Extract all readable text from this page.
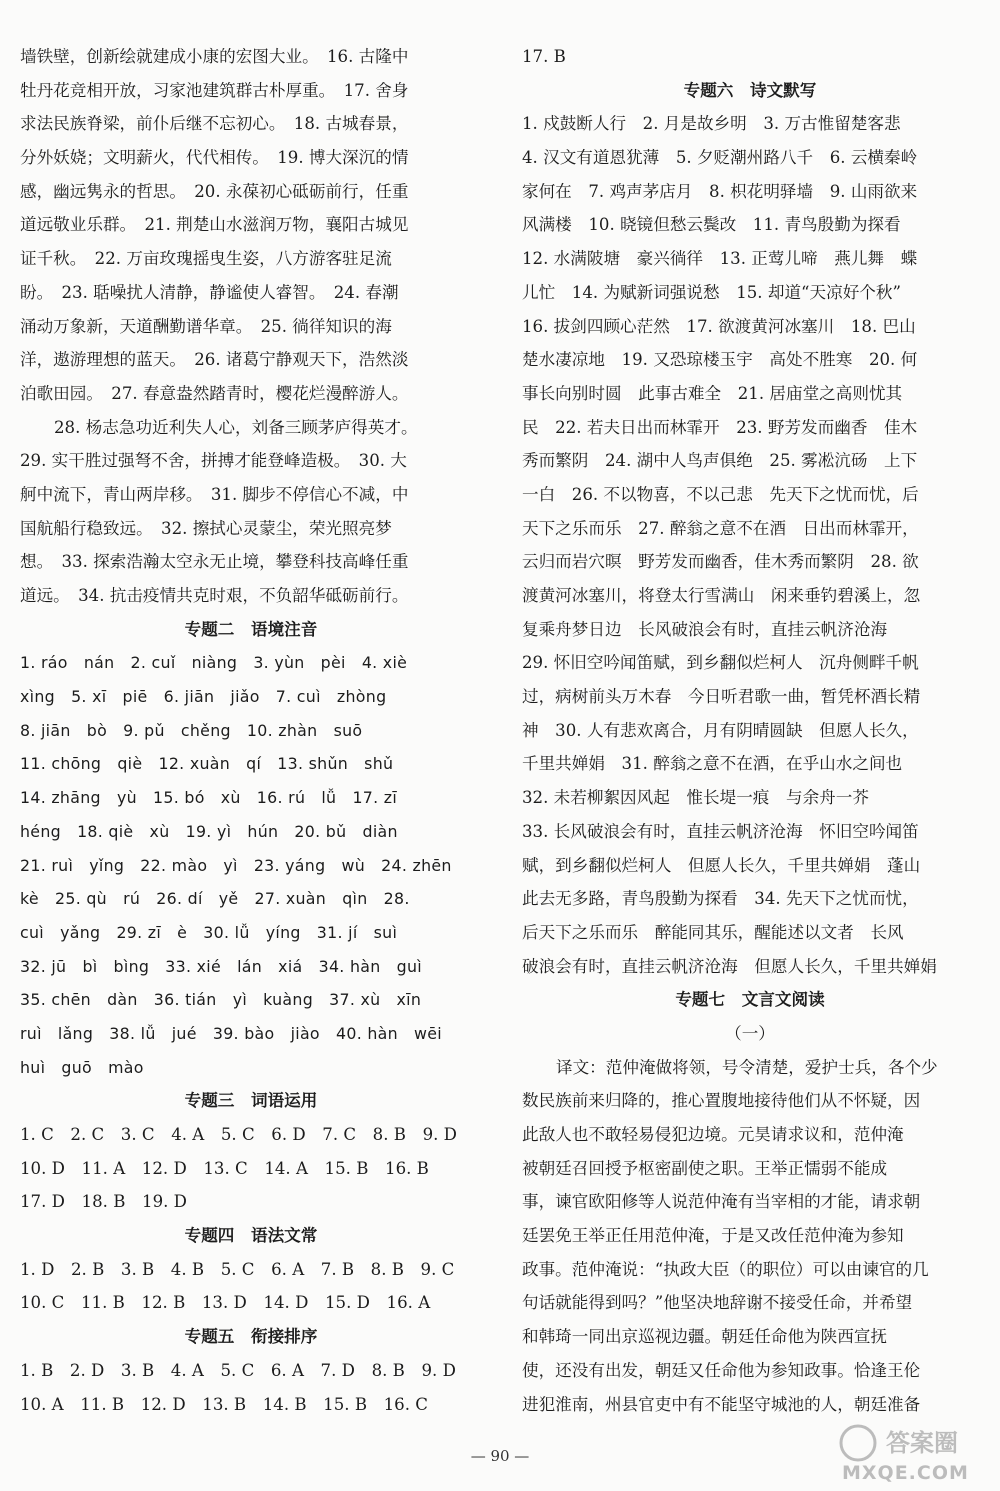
墙铁壁，创新绘就建成小康的宏图大业。　16. 古隆中
牡丹花竞相开放，习家池建筑群古朴厚重。　17. 舍身
求法民族脊梁，前仆后继不忘初心。　18. 古城春景，
分外妖娆；文明薪火，代代相传。　19. 博大深沉的情
感，幽远隽永的哲思。　20. 永葆初心砥砺前行，任重
道远敬业乐群。　21. 荆楚山水滋润万物，襄阳古城见
证千秋。　22. 万亩玫瑰摇曳生姿，八方游客驻足流
盼。　23. 聒噪扰人清静，静谧使人睿智。　24. 春潮
涌动万象新，天道酬勤谱华章。　25. 徜徉知识的海
洋，遨游理想的蓝天。　26. 诸葛宁静观天下，浩然淡
泊歌田园。　27. 春意盎然踏青时，樱花烂漫醉游人。
28. 杨志急功近利失人心，刘备三顾茅庐得英才。
29. 实干胜过强弩不舍，拼搏才能登峰造极。　30. 大
舸中流下，青山两岸移。　31. 脚步不停信心不减，中
国航船行稳致远。　32. 擦拭心灵蒙尘，荣光照亮梦
想。　33. 探索浩瀚太空永无止境，攀登科技高峰任重
道远。　34. 抗击疫情共克时艰，不负韶华砥砺前行。
专题二　语境注音
1. ráo　nán　2. cuǐ　niàng　3. yùn　pèi　4. xiè
xìng　5. xī　piē　6. jiān　jiǎo　7. cuì　zhòng
8. jiān　bò　9. pǔ　chěng　10. zhàn　suō
11. chōng　qiè　12. xuàn　qí　13. shǔn　shǔ
14. zhāng　yù　15. bó　xù　16. rú　lǚ　17. zī
héng　18. qiè　xù　19. yì　hún　20. bǔ　diàn
21. ruì　yǐng　22. mào　yì　23. yáng　wù　24. zhēn
kè　25. qù　rú　26. dí　yě　27. xuàn　qìn　28.
cuì　yǎng　29. zī　è　30. lǚ　yíng　31. jí　suì
32. jū　bì　bìng　33. xié　lán　xiá　34. hàn　guì
35. chēn　dàn　36. tián　yì　kuàng　37. xù　xīn
ruì　lǎng　38. lǚ　jué　39. bào　jiào　40. hàn　wēi
huì　guō　mào
专题三　词语运用
1. C　2. C　3. C　4. A　5. C　6. D　7. C　8. B　9. D
10. D　11. A　12. D　13. C　14. A　15. B　16. B
17. D　18. B　19. D
专题四　语法文常
1. D　2. B　3. B　4. B　5. C　6. A　7. B　8. B　9. C
10. C　11. B　12. B　13. D　14. D　15. D　16. A
专题五　衔接排序
1. B　2. D　3. B　4. A　5. C　6. A　7. D　8. B　9. D
10. A　11. B　12. D　13. B　14. B　15. B　16. C
17. B
专题六　诗文默写
1. 戍鼓断人行　2. 月是故乡明　3. 万古惟留楚客悲
4. 汉文有道恩犹薄　5. 夕贬潮州路八千　6. 云横秦岭
家何在　7. 鸡声茅店月　8. 枳花明驿墙　9. 山雨欲来
风满楼　10. 晓镜但愁云鬓改　11. 青鸟殷勤为探看
12. 水满陂塘　豪兴徜徉　13. 正莺儿啼　燕儿舞　蝶
儿忙　14. 为赋新词强说愁　15. 却道“天凉好个秋”
16. 拔剑四顾心茫然　17. 欲渡黄河冰塞川　18. 巴山
楚水凄凉地　19. 又恐琼楼玉宇　高处不胜寒　20. 何
事长向别时圆　此事古难全　21. 居庙堂之高则忧其
民　22. 若夫日出而林霏开　23. 野芳发而幽香　佳木
秀而繁阴　24. 湖中人鸟声俱绝　25. 雾凇沆砀　上下
一白　26. 不以物喜，不以己悲　先天下之忧而忧，后
天下之乐而乐　27. 醉翁之意不在酒　日出而林霏开，
云归而岩穴暝　野芳发而幽香，佳木秀而繁阴　28. 欲
渡黄河冰塞川，将登太行雪满山　闲来垂钓碧溪上，忽
复乘舟梦日边　长风破浪会有时，直挂云帆济沧海
29. 怀旧空吟闻笛赋，到乡翻似烂柯人　沉舟侧畔千帆
过，病树前头万木春　今日听君歌一曲，暂凭杯酒长精
神　30. 人有悲欢离合，月有阴晴圆缺　但愿人长久，
千里共婵娟　31. 醉翁之意不在酒，在乎山水之间也
32. 未若柳絮因风起　惟长堤一痕　与余舟一芥
33. 长风破浪会有时，直挂云帆济沧海　怀旧空吟闻笛
赋，到乡翻似烂柯人　但愿人长久，千里共婵娟　蓬山
此去无多路，青鸟殷勤为探看　34. 先天下之忧而忧，
后天下之乐而乐　醉能同其乐，醒能述以文者　长风
破浪会有时，直挂云帆济沧海　但愿人长久，千里共婵娟
专题七　文言文阅读
（一）
译文：范仲淹做将领，号令清楚，爱护士兵，各个少
数民族前来归降的，推心置腹地接待他们从不怀疑，因
此敌人也不敢轻易侵犯边境。元昊请求议和，范仲淹
被朝廷召回授予枢密副使之职。王举正懦弱不能成
事，谏官欧阳修等人说范仲淹有当宰相的才能，请求朝
廷罢免王举正任用范仲淹，于是又改任范仲淹为参知
政事。范仲淹说：“执政大臣（的职位）可以由谏官的几
句话就能得到吗？”他坚决地辞谢不接受任命，并希望
和韩琦一同出京巡视边疆。朝廷任命他为陕西宣抚
使，还没有出发，朝廷又任命他为参知政事。恰逢王伦
进犯淮南，州县官吏中有不能坚守城池的人，朝廷准备
— 90 —	答案圈
MXQE.COM
